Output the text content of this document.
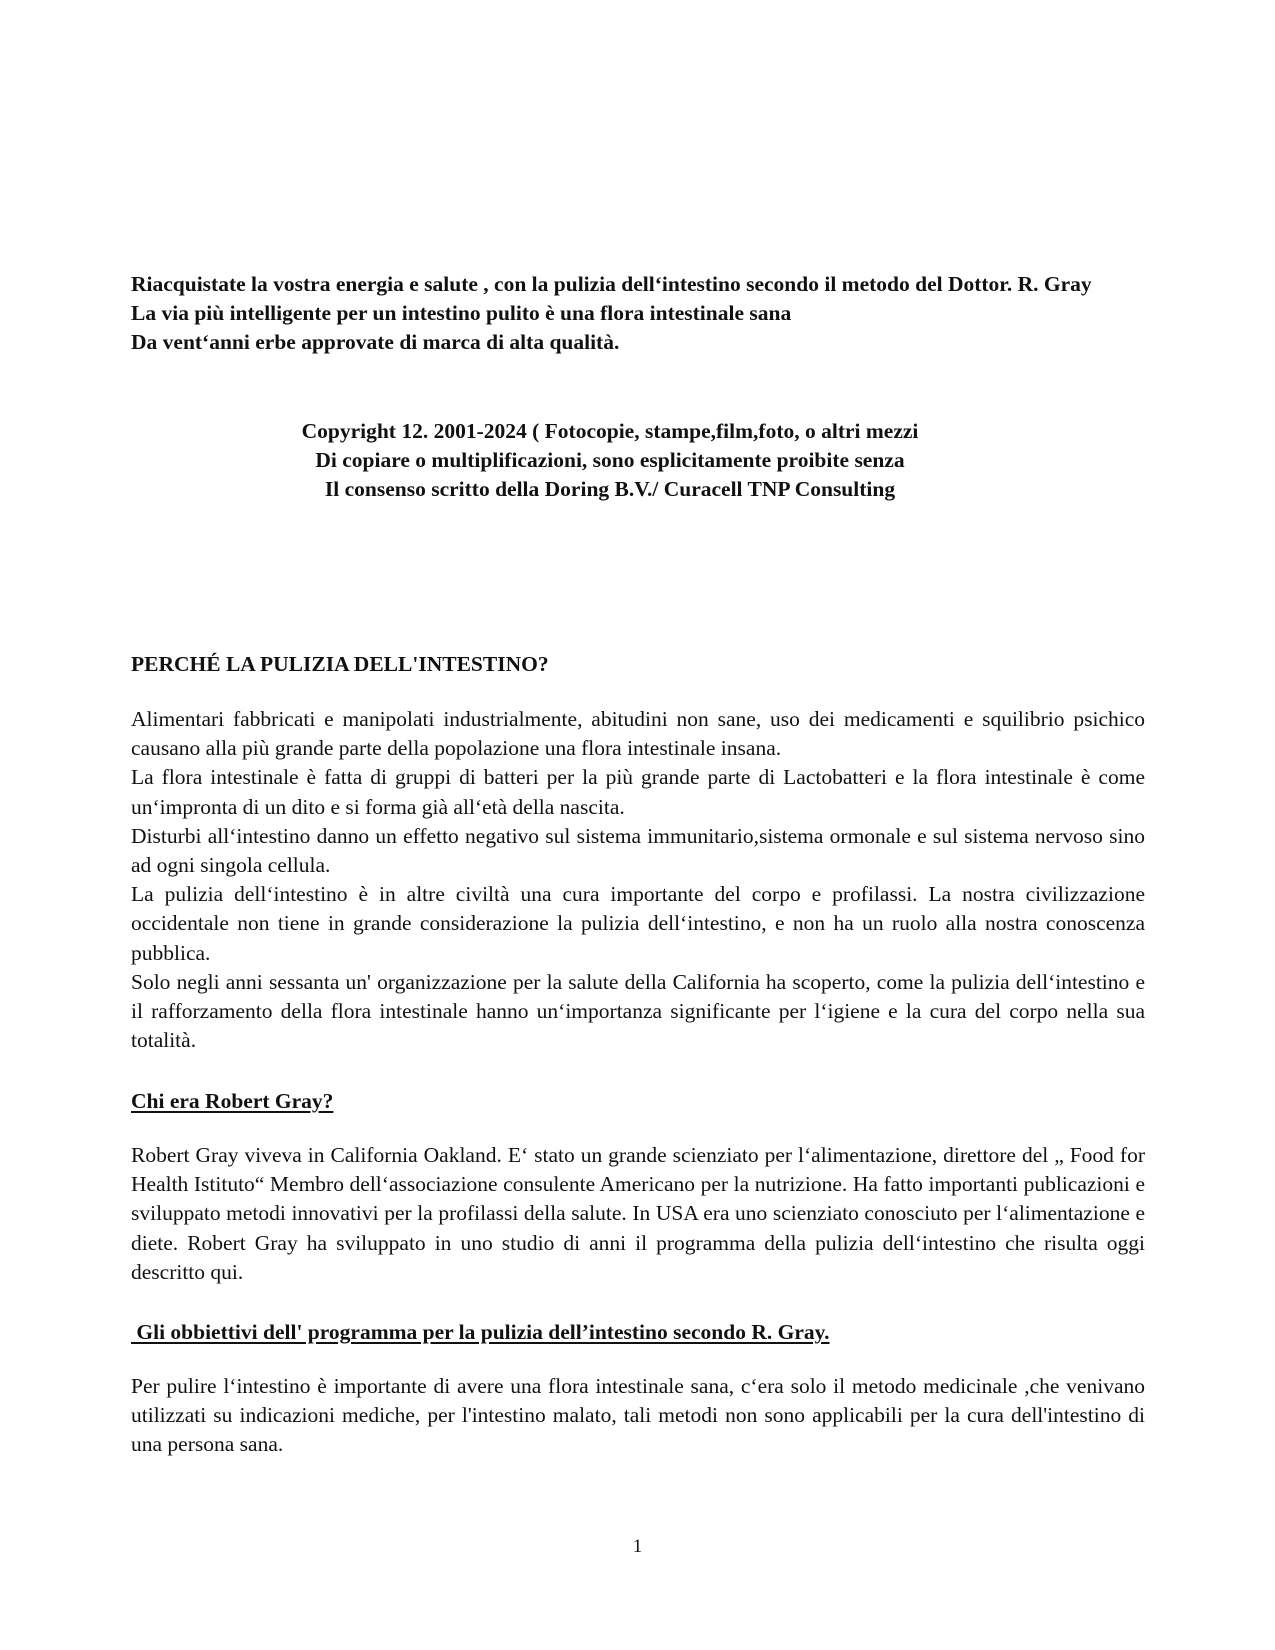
Riacquistate la vostra energia e salute , con la pulizia dell‘intestino secondo il metodo del Dottor. R. Gray

La via più intelligente per un intestino pulito è una flora intestinale sana

Da vent‘anni erbe approvate di marca di alta qualità.

Copyright 12. 2001-2024 ( Fotocopie, stampe,film,foto, o altri mezzi

Di copiare o multiplificazioni, sono esplicitamente proibite senza

Il consenso scritto della Doring B.V./ Curacell TNP Consulting

PERCHÉ LA PULIZIA DELL'INTESTINO?

Alimentari fabbricati e manipolati industrialmente, abitudini non sane, uso dei medicamenti e squilibrio psichico causano alla più grande parte della popolazione una flora intestinale insana.

La flora intestinale è fatta di gruppi di batteri per la più grande parte di Lactobatteri e la flora intestinale è come un‘impronta di un dito e si forma già all‘età della nascita.

Disturbi all‘intestino danno un effetto negativo sul sistema immunitario,sistema ormonale e sul sistema nervoso sino ad ogni singola cellula.

La pulizia dell‘intestino è in altre civiltà una cura importante del corpo e profilassi. La nostra civilizzazione occidentale non tiene in grande considerazione la pulizia dell‘intestino, e non ha un ruolo alla nostra conoscenza pubblica.

Solo negli anni sessanta un' organizzazione per la salute della California ha scoperto, come la pulizia dell‘intestino e il rafforzamento della flora intestinale hanno un‘importanza significante per l‘igiene e la cura del corpo nella sua totalità.

Chi era Robert Gray?

Robert Gray viveva in California Oakland. E‘ stato un grande scienziato per l‘alimentazione, direttore del „ Food for Health Istituto“ Membro dell‘associazione consulente Americano per la nutrizione. Ha fatto importanti publicazioni e sviluppato metodi innovativi per la profilassi della salute. In USA era uno scienziato conosciuto per l‘alimentazione e diete. Robert Gray ha sviluppato in uno studio di anni il programma della pulizia dell‘intestino che risulta oggi descritto qui.

Gli obbiettivi dell' programma per la pulizia dell’intestino secondo R. Gray.

Per pulire l‘intestino è importante di avere una flora intestinale sana, c‘era solo il metodo medicinale ,che venivano utilizzati su indicazioni mediche, per l'intestino malato, tali metodi non sono applicabili per la cura dell'intestino di una persona sana.

1
